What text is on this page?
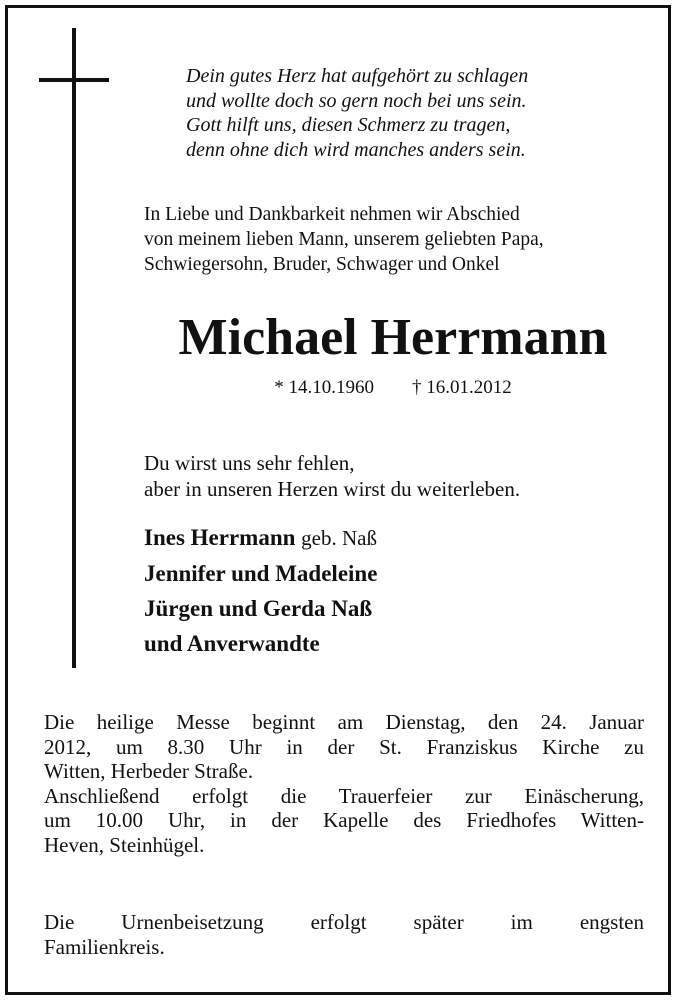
Dein gutes Herz hat aufgehört zu schlagen
und wollte doch so gern noch bei uns sein.
Gott hilft uns, diesen Schmerz zu tragen,
denn ohne dich wird manches anders sein.
In Liebe und Dankbarkeit nehmen wir Abschied
von meinem lieben Mann, unserem geliebten Papa,
Schwiegersohn, Bruder, Schwager und Onkel
Michael Herrmann
* 14.10.1960 † 16.01.2012
Du wirst uns sehr fehlen,
aber in unseren Herzen wirst du weiterleben.
Ines Herrmann geb. Naß
Jennifer und Madeleine
Jürgen und Gerda Naß
und Anverwandte
Die heilige Messe beginnt am Dienstag, den 24. Januar
2012, um 8.30 Uhr in der St. Franziskus Kirche zu
Witten, Herbeder Straße.
Anschließend erfolgt die Trauerfeier zur Einäscherung,
um 10.00 Uhr, in der Kapelle des Friedhofes Witten-
Heven, Steinhügel.
Die Urnenbeisetzung erfolgt später im engsten
Familienkreis.
